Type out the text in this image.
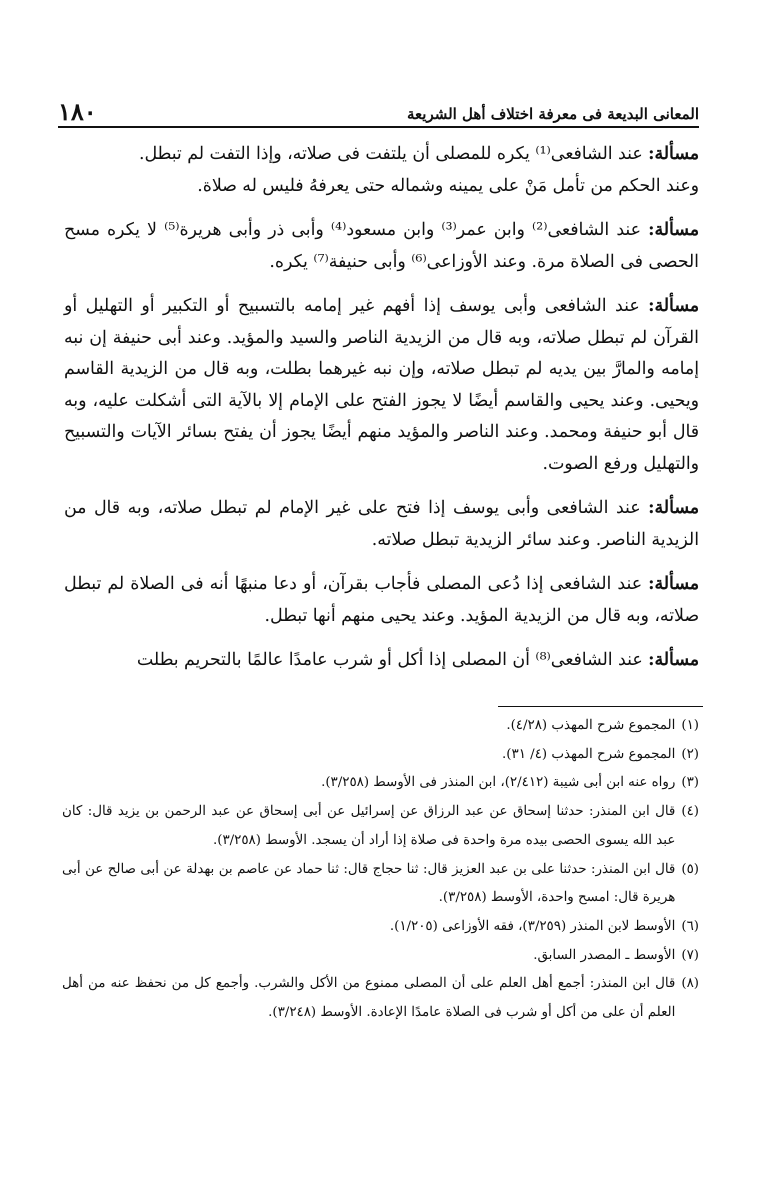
المعانى البديعة فى معرفة اختلاف أهل الشريعة
١٨٠

مسألة: عند الشافعى⁽¹⁾ يكره للمصلى أن يلتفت فى صلاته، وإذا التفت لم تبطل.

وعند الحكم من تأمل مَنْ على يمينه وشماله حتى يعرفهُ فليس له صلاة.

مسألة: عند الشافعى⁽²⁾ وابن عمر⁽³⁾ وابن مسعود⁽⁴⁾ وأبى ذر وأبى هريرة⁽⁵⁾ لا يكره مسح الحصى فى الصلاة مرة. وعند الأوزاعى⁽⁶⁾ وأبى حنيفة⁽⁷⁾ يكره.

مسألة: عند الشافعى وأبى يوسف إذا أفهم غير إمامه بالتسبيح أو التكبير أو التهليل أو القرآن لم تبطل صلاته، وبه قال من الزيدية الناصر والسيد والمؤيد. وعند أبى حنيفة إن نبه إمامه والمارَّ بين يديه لم تبطل صلاته، وإن نبه غيرهما بطلت، وبه قال من الزيدية القاسم ويحيى. وعند يحيى والقاسم أيضًا لا يجوز الفتح على الإمام إلا بالآية التى أشكلت عليه، وبه قال أبو حنيفة ومحمد. وعند الناصر والمؤيد منهم أيضًا يجوز أن يفتح بسائر الآيات والتسبيح والتهليل ورفع الصوت.

مسألة: عند الشافعى وأبى يوسف إذا فتح على غير الإمام لم تبطل صلاته، وبه قال من الزيدية الناصر. وعند سائر الزيدية تبطل صلاته.

مسألة: عند الشافعى إذا دُعى المصلى فأجاب بقرآن، أو دعا منبهًا أنه فى الصلاة لم تبطل صلاته، وبه قال من الزيدية المؤيد. وعند يحيى منهم أنها تبطل.

مسألة: عند الشافعى⁽⁸⁾ أن المصلى إذا أكل أو شرب عامدًا عالمًا بالتحريم بطلت

(١)
المجموع شرح المهذب (٤/٢٨).
(٢)
المجموع شرح المهذب (٤/ ٣١).
(٣)
رواه عنه ابن أبى شيبة (٢/٤١٢)، ابن المنذر فى الأوسط (٣/٢٥٨).
(٤)
قال ابن المنذر: حدثنا إسحاق عن عبد الرزاق عن إسرائيل عن أبى إسحاق عن عبد الرحمن بن يزيد قال: كان عبد الله يسوى الحصى بيده مرة واحدة فى صلاة إذا أراد أن يسجد. الأوسط (٣/٢٥٨).
(٥)
قال ابن المنذر: حدثنا على بن عبد العزيز قال: ثنا حجاج قال: ثنا حماد عن عاصم بن بهدلة عن أبى صالح عن أبى هريرة قال: امسح واحدة، الأوسط (٣/٢٥٨).
(٦)
الأوسط لابن المنذر (٣/٢٥٩)، فقه الأوزاعى (١/٢٠٥).
(٧)
الأوسط ـ المصدر السابق.
(٨)
قال ابن المنذر: أجمع أهل العلم على أن المصلى ممنوع من الأكل والشرب. وأجمع كل من نحفظ عنه من أهل العلم أن على من أكل أو شرب فى الصلاة عامدًا الإعادة. الأوسط (٣/٢٤٨).
